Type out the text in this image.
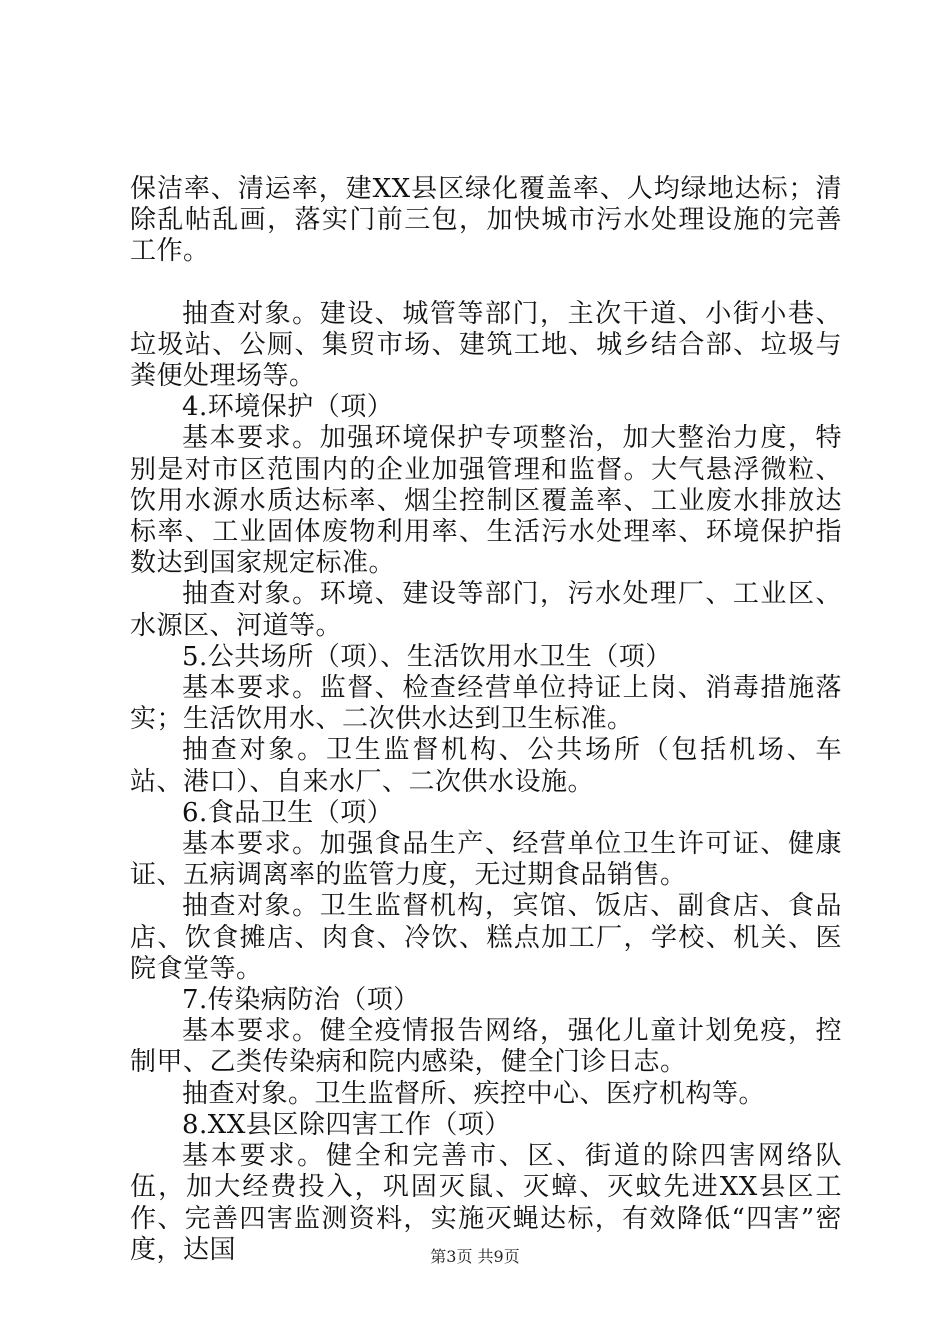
保洁率、清运率，建XX县区绿化覆盖率、人均绿地达标；清除乱帖乱画，落实门前三包，加快城市污水处理设施的完善工作。

抽查对象。建设、城管等部门，主次干道、小街小巷、垃圾站、公厕、集贸市场、建筑工地、城乡结合部、垃圾与粪便处理场等。

4.环境保护（项）

基本要求。加强环境保护专项整治，加大整治力度，特别是对市区范围内的企业加强管理和监督。大气悬浮微粒、饮用水源水质达标率、烟尘控制区覆盖率、工业废水排放达标率、工业固体废物利用率、生活污水处理率、环境保护指数达到国家规定标准。

抽查对象。环境、建设等部门，污水处理厂、工业区、水源区、河道等。

5.公共场所（项）、生活饮用水卫生（项）

基本要求。监督、检查经营单位持证上岗、消毒措施落实；生活饮用水、二次供水达到卫生标准。

抽查对象。卫生监督机构、公共场所（包括机场、车站、港口）、自来水厂、二次供水设施。

6.食品卫生（项）

基本要求。加强食品生产、经营单位卫生许可证、健康证、五病调离率的监管力度，无过期食品销售。

抽查对象。卫生监督机构，宾馆、饭店、副食店、食品店、饮食摊店、肉食、冷饮、糕点加工厂，学校、机关、医院食堂等。

7.传染病防治（项）

基本要求。健全疫情报告网络，强化儿童计划免疫，控制甲、乙类传染病和院内感染，健全门诊日志。

抽查对象。卫生监督所、疾控中心、医疗机构等。

8.XX县区除四害工作（项）

基本要求。健全和完善市、区、街道的除四害网络队伍，加大经费投入，巩固灭鼠、灭蟑、灭蚊先进XX县区工作、完善四害监测资料，实施灭蝇达标，有效降低“四害”密度，达国	第3页 共9页
